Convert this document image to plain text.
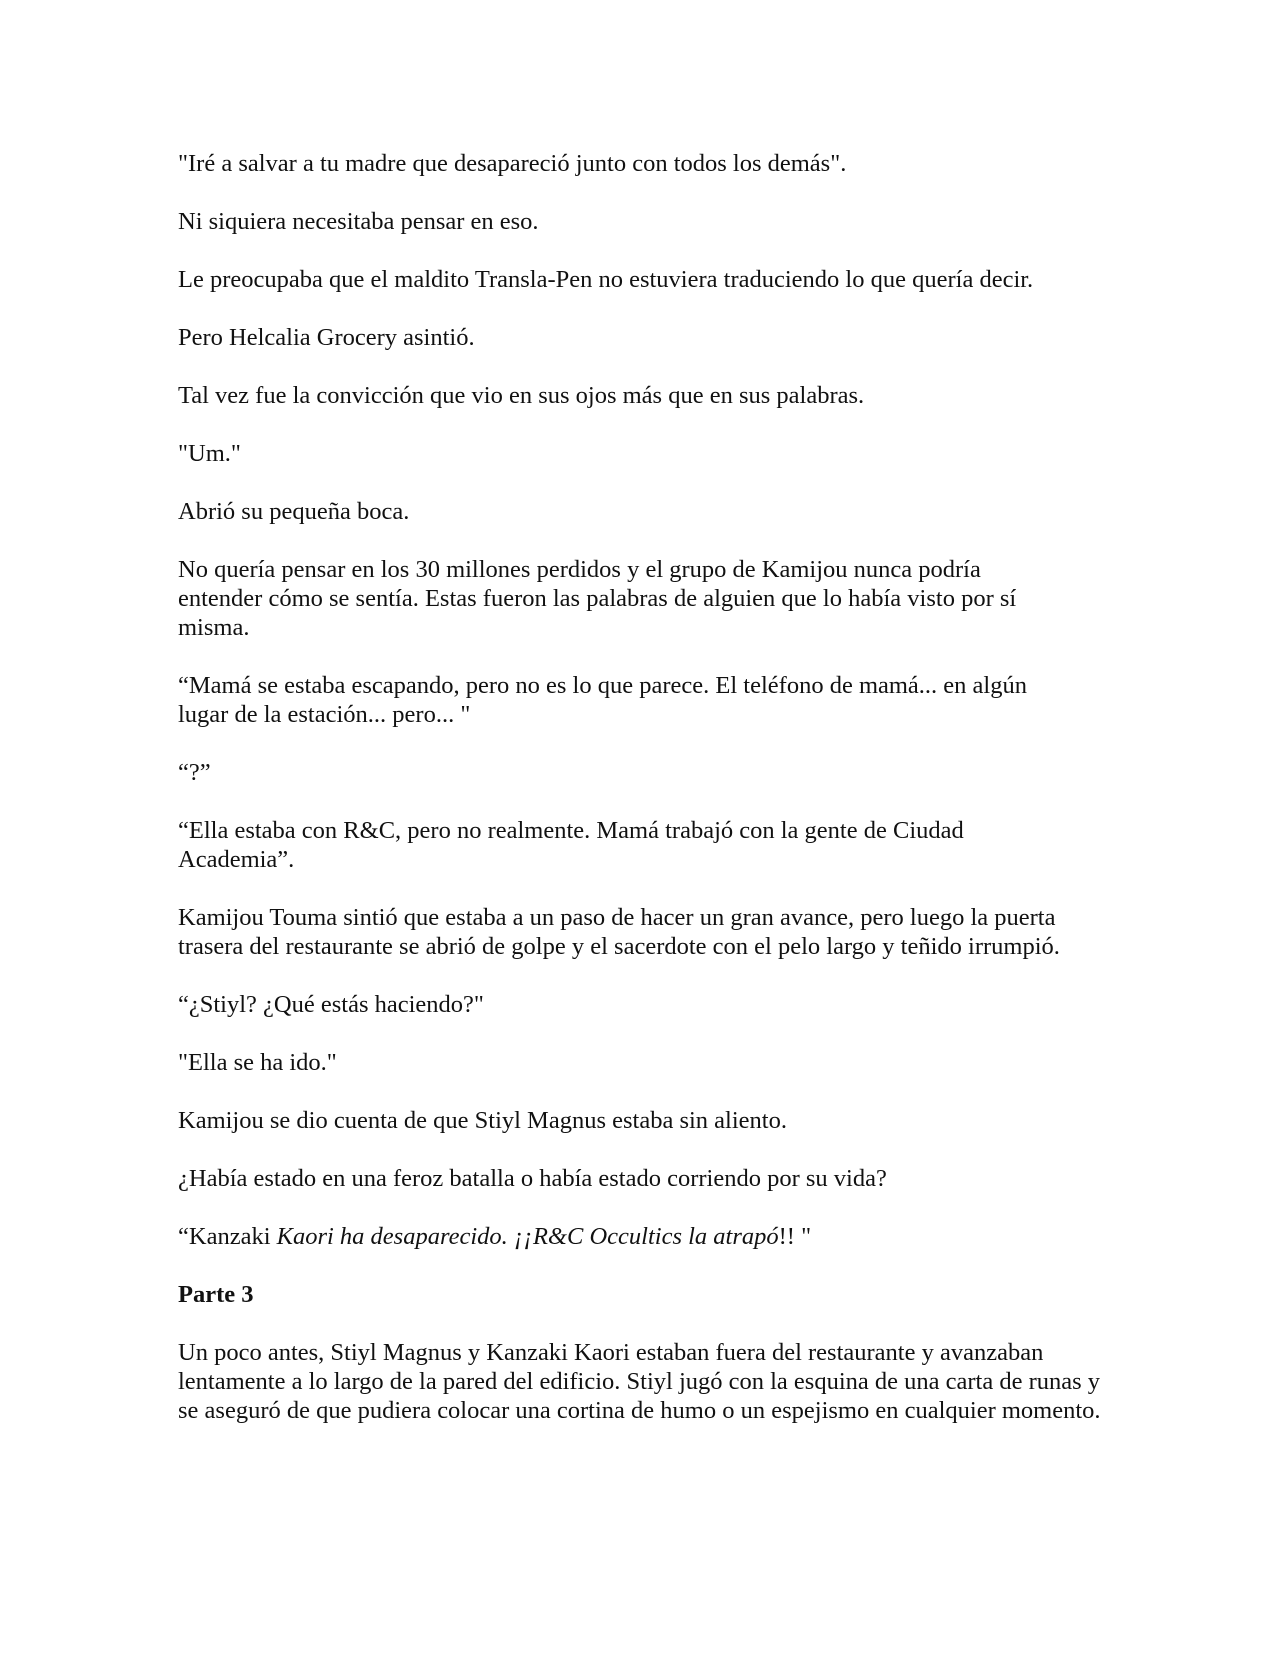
"Iré a salvar a tu madre que desapareció junto con todos los demás".

Ni siquiera necesitaba pensar en eso.

Le preocupaba que el maldito Transla-Pen no estuviera traduciendo lo que quería decir.

Pero Helcalia Grocery asintió.

Tal vez fue la convicción que vio en sus ojos más que en sus palabras.

"Um."

Abrió su pequeña boca.

No quería pensar en los 30 millones perdidos y el grupo de Kamijou nunca podría entender cómo se sentía. Estas fueron las palabras de alguien que lo había visto por sí misma.

“Mamá se estaba escapando, pero no es lo que parece. El teléfono de mamá... en algún lugar de la estación... pero... "

“?”

“Ella estaba con R&C, pero no realmente. Mamá trabajó con la gente de Ciudad Academia”.

Kamijou Touma sintió que estaba a un paso de hacer un gran avance, pero luego la puerta trasera del restaurante se abrió de golpe y el sacerdote con el pelo largo y teñido irrumpió.

“¿Stiyl? ¿Qué estás haciendo?"

"Ella se ha ido."

Kamijou se dio cuenta de que Stiyl Magnus estaba sin aliento.

¿Había estado en una feroz batalla o había estado corriendo por su vida?

“Kanzaki Kaori ha desaparecido. ¡¡R&C Occultics la atrapó!! "

Parte 3

Un poco antes, Stiyl Magnus y Kanzaki Kaori estaban fuera del restaurante y avanzaban lentamente a lo largo de la pared del edificio. Stiyl jugó con la esquina de una carta de runas y se aseguró de que pudiera colocar una cortina de humo o un espejismo en cualquier momento.
